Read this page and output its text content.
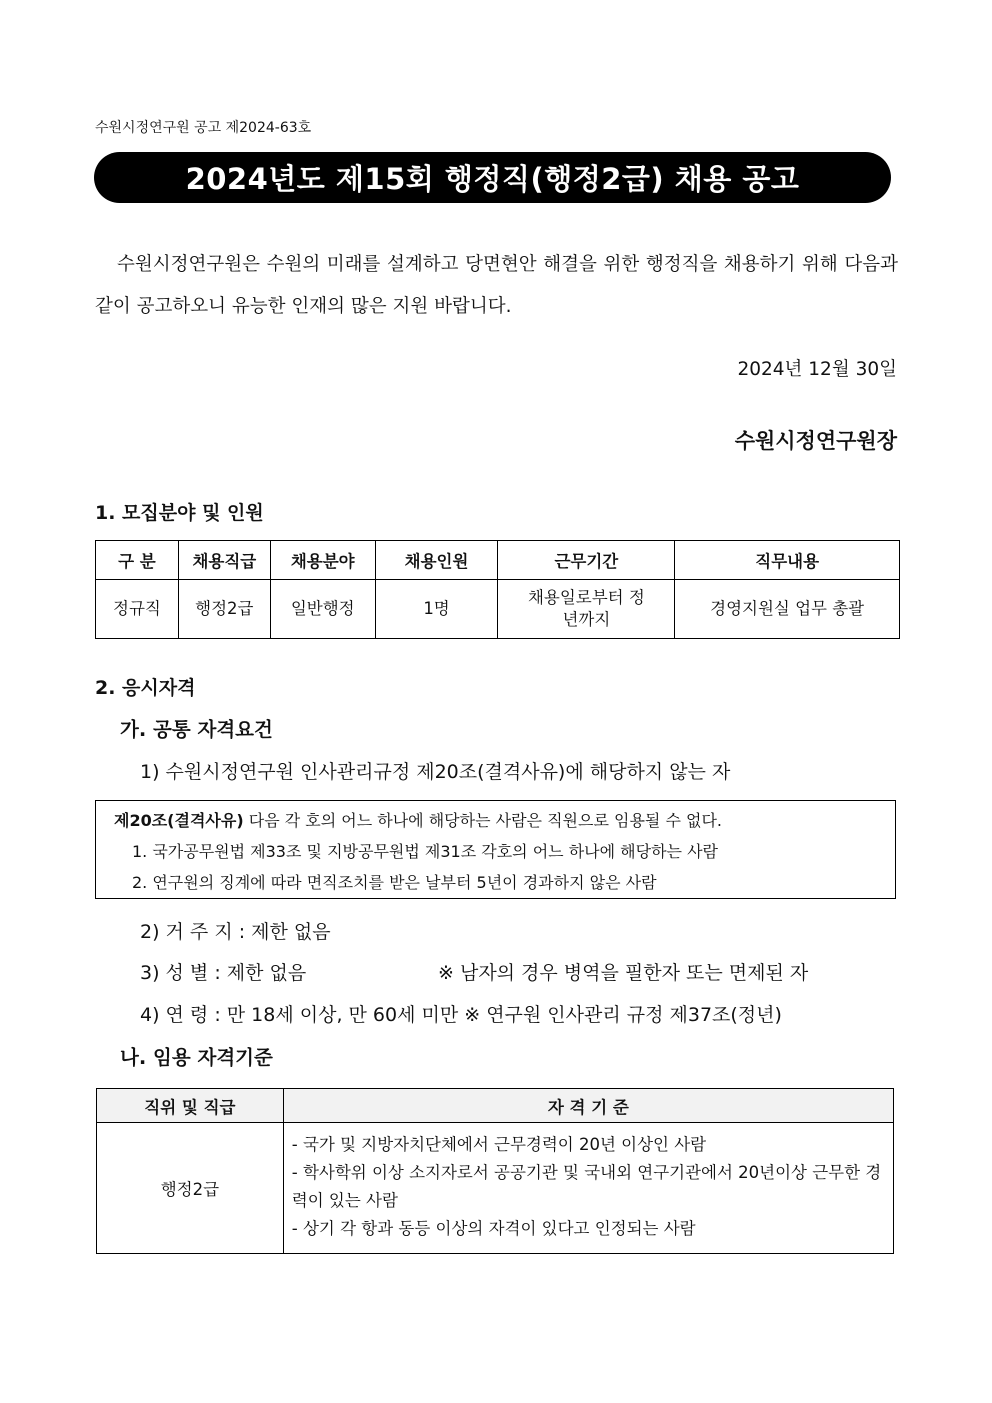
수원시정연구원 공고 제2024-63호
2024년도 제15회 행정직(행정2급) 채용 공고
수원시정연구원은 수원의 미래를 설계하고 당면현안 해결을 위한 행정직을 채용하기 위해 다음과 같이 공고하오니 유능한 인재의 많은 지원 바랍니다.
2024년 12월 30일
수원시정연구원장
1. 모집분야 및 인원
구 분	채용직급	채용분야	채용인원	근무기간	직무내용
정규직	행정2급	일반행정	1명	채용일로부터 정년까지	경영지원실 업무 총괄
2. 응시자격
가. 공통 자격요건
1) 수원시정연구원 인사관리규정 제20조(결격사유)에 해당하지 않는 자
제20조(결격사유) 다음 각 호의 어느 하나에 해당하는 사람은 직원으로 임용될 수 없다.
1. 국가공무원법 제33조 및 지방공무원법 제31조 각호의 어느 하나에 해당하는 사람
2. 연구원의 징계에 따라 면직조치를 받은 날부터 5년이 경과하지 않은 사람
2) 거 주 지 : 제한 없음
3) 성 별 : 제한 없음	※ 남자의 경우 병역을 필한자 또는 면제된 자
4) 연 령 : 만 18세 이상, 만 60세 미만 ※ 연구원 인사관리 규정 제37조(정년)
나. 임용 자격기준
직위 및 직급	자 격 기 준
행정2급	- 국가 및 지방자치단체에서 근무경력이 20년 이상인 사람
- 학사학위 이상 소지자로서 공공기관 및 국내외 연구기관에서 20년이상 근무한 경력이 있는 사람
- 상기 각 항과 동등 이상의 자격이 있다고 인정되는 사람
